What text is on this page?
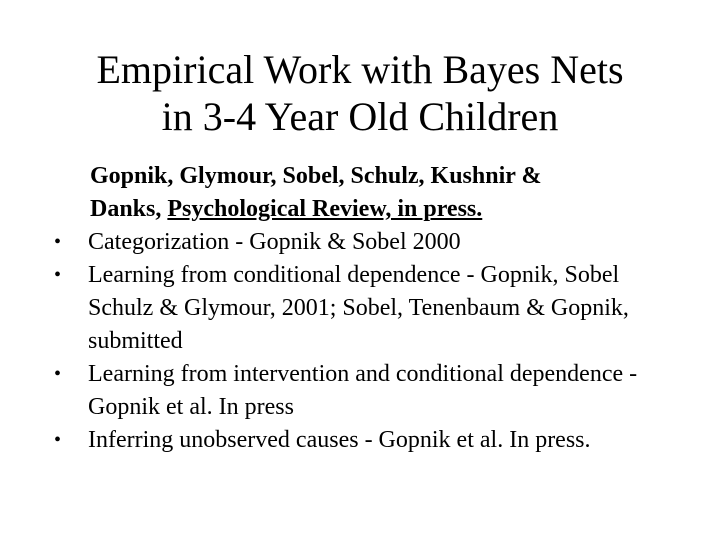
Empirical Work with Bayes Nets
in 3-4 Year Old Children
Gopnik, Glymour, Sobel, Schulz, Kushnir &

Danks, Psychological Review, in press.
• Categorization - Gopnik & Sobel 2000
• Learning from conditional dependence - Gopnik, Sobel Schulz & Glymour, 2001; Sobel, Tenenbaum & Gopnik, submitted
• Learning from intervention and conditional dependence - Gopnik et al. In press
• Inferring unobserved causes - Gopnik et al. In press.
